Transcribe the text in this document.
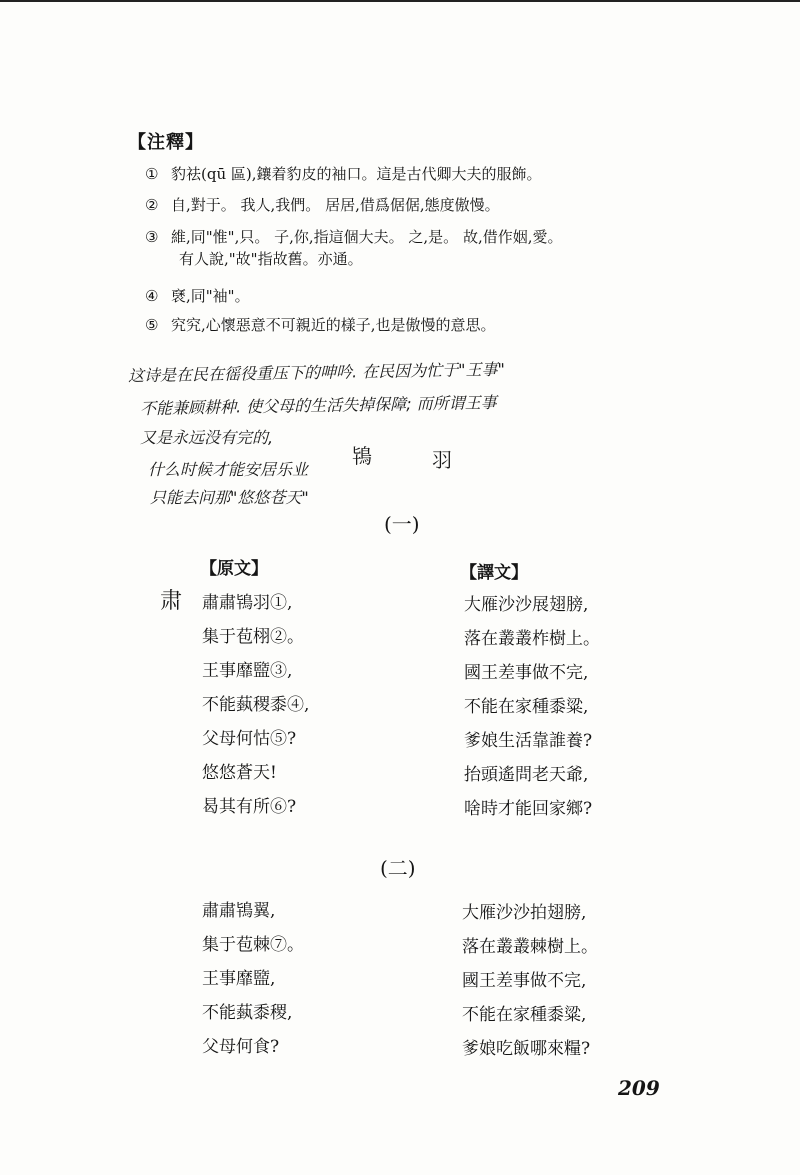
【注釋】
① 豹祛(qū 區),鑲着豹皮的袖口。這是古代卿大夫的服飾。
② 自,對于。 我人,我們。 居居,借爲倨倨,態度傲慢。
③ 維,同"惟",只。 子,你,指這個大夫。 之,是。 故,借作姻,愛。
有人說,"故"指故舊。亦通。
④ 褎,同"袖"。
⑤ 究究,心懷惡意不可親近的樣子,也是傲慢的意思。
这诗是在民在徭役重压下的呻吟. 在民因为忙于"王事"
不能兼顾耕种. 使父母的生活失掉保障; 而所谓王事
又是永远没有完的,
什么时候才能安居乐业
鴇	羽
只能去问那"悠悠苍天"
(一)
【原文】	【譯文】
肃 肅肅鴇羽①,
集于苞栩②。
王事靡盬③,
不能蓺稷黍④,
父母何怙⑤?
悠悠蒼天!
曷其有所⑥?
大雁沙沙展翅膀,
落在叢叢柞樹上。
國王差事做不完,
不能在家種黍粱,
爹娘生活靠誰養?
抬頭遙問老天爺,
啥時才能回家鄉?
(二)
肅肅鴇翼,
集于苞棘⑦。
王事靡盬,
不能蓺黍稷,
父母何食?
大雁沙沙拍翅膀,
落在叢叢棘樹上。
國王差事做不完,
不能在家種黍粱,
爹娘吃飯哪來糧?
209
